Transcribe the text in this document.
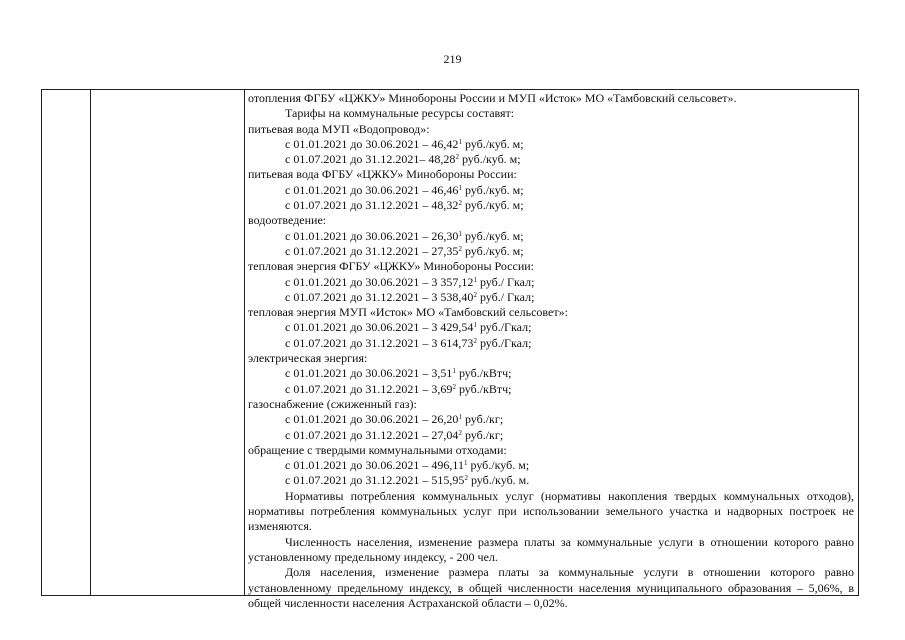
219

отопления ФГБУ «ЦЖКУ» Минобороны России и МУП «Исток» МО «Тамбовский сельсовет».

Тарифы на коммунальные ресурсы составят:

питьевая вода МУП «Водопровод»:

с 01.01.2021 до 30.06.2021 – 46,42$^1$ руб./куб. м;

с 01.07.2021 до 31.12.2021– 48,28$^2$ руб./куб. м;

питьевая вода ФГБУ «ЦЖКУ» Минобороны России:

с 01.01.2021 до 30.06.2021 – 46,46$^1$ руб./куб. м;

с 01.07.2021 до 31.12.2021 – 48,32$^2$ руб./куб. м;

водоотведение:

с 01.01.2021 до 30.06.2021 – 26,30$^1$ руб./куб. м;

с 01.07.2021 до 31.12.2021 – 27,35$^2$ руб./куб. м;

тепловая энергия ФГБУ «ЦЖКУ» Минобороны России:

с 01.01.2021 до 30.06.2021 – 3 357,12$^1$ руб./ Гкал;

с 01.07.2021 до 31.12.2021 – 3 538,40$^2$ руб./ Гкал;

тепловая энергия МУП «Исток» МО «Тамбовский сельсовет»:

с 01.01.2021 до 30.06.2021 – 3 429,54$^1$ руб./Гкал;

с 01.07.2021 до 31.12.2021 – 3 614,73$^2$ руб./Гкал;

электрическая энергия:

с 01.01.2021 до 30.06.2021 – 3,51$^1$ руб./кВтч;

с 01.07.2021 до 31.12.2021 – 3,69$^2$ руб./кВтч;

газоснабжение (сжиженный газ):

с 01.01.2021 до 30.06.2021 – 26,20$^1$ руб./кг;

с 01.07.2021 до 31.12.2021 – 27,04$^2$ руб./кг;

обращение с твердыми коммунальными отходами:

с 01.01.2021 до 30.06.2021 – 496,11$^1$ руб./куб. м;

с 01.07.2021 до 31.12.2021 – 515,95$^2$ руб./куб. м.

Нормативы потребления коммунальных услуг (нормативы накопления твердых коммунальных отходов), нормативы потребления коммунальных услуг при использовании земельного участка и надворных построек не изменяются.

Численность населения, изменение размера платы за коммунальные услуги в отношении которого равно установленному предельному индексу, - 200 чел.

Доля населения, изменение размера платы за коммунальные услуги в отношении которого равно установленному предельному индексу, в общей численности населения муниципального образования – 5,06%, в общей численности населения Астраханской области – 0,02%.
